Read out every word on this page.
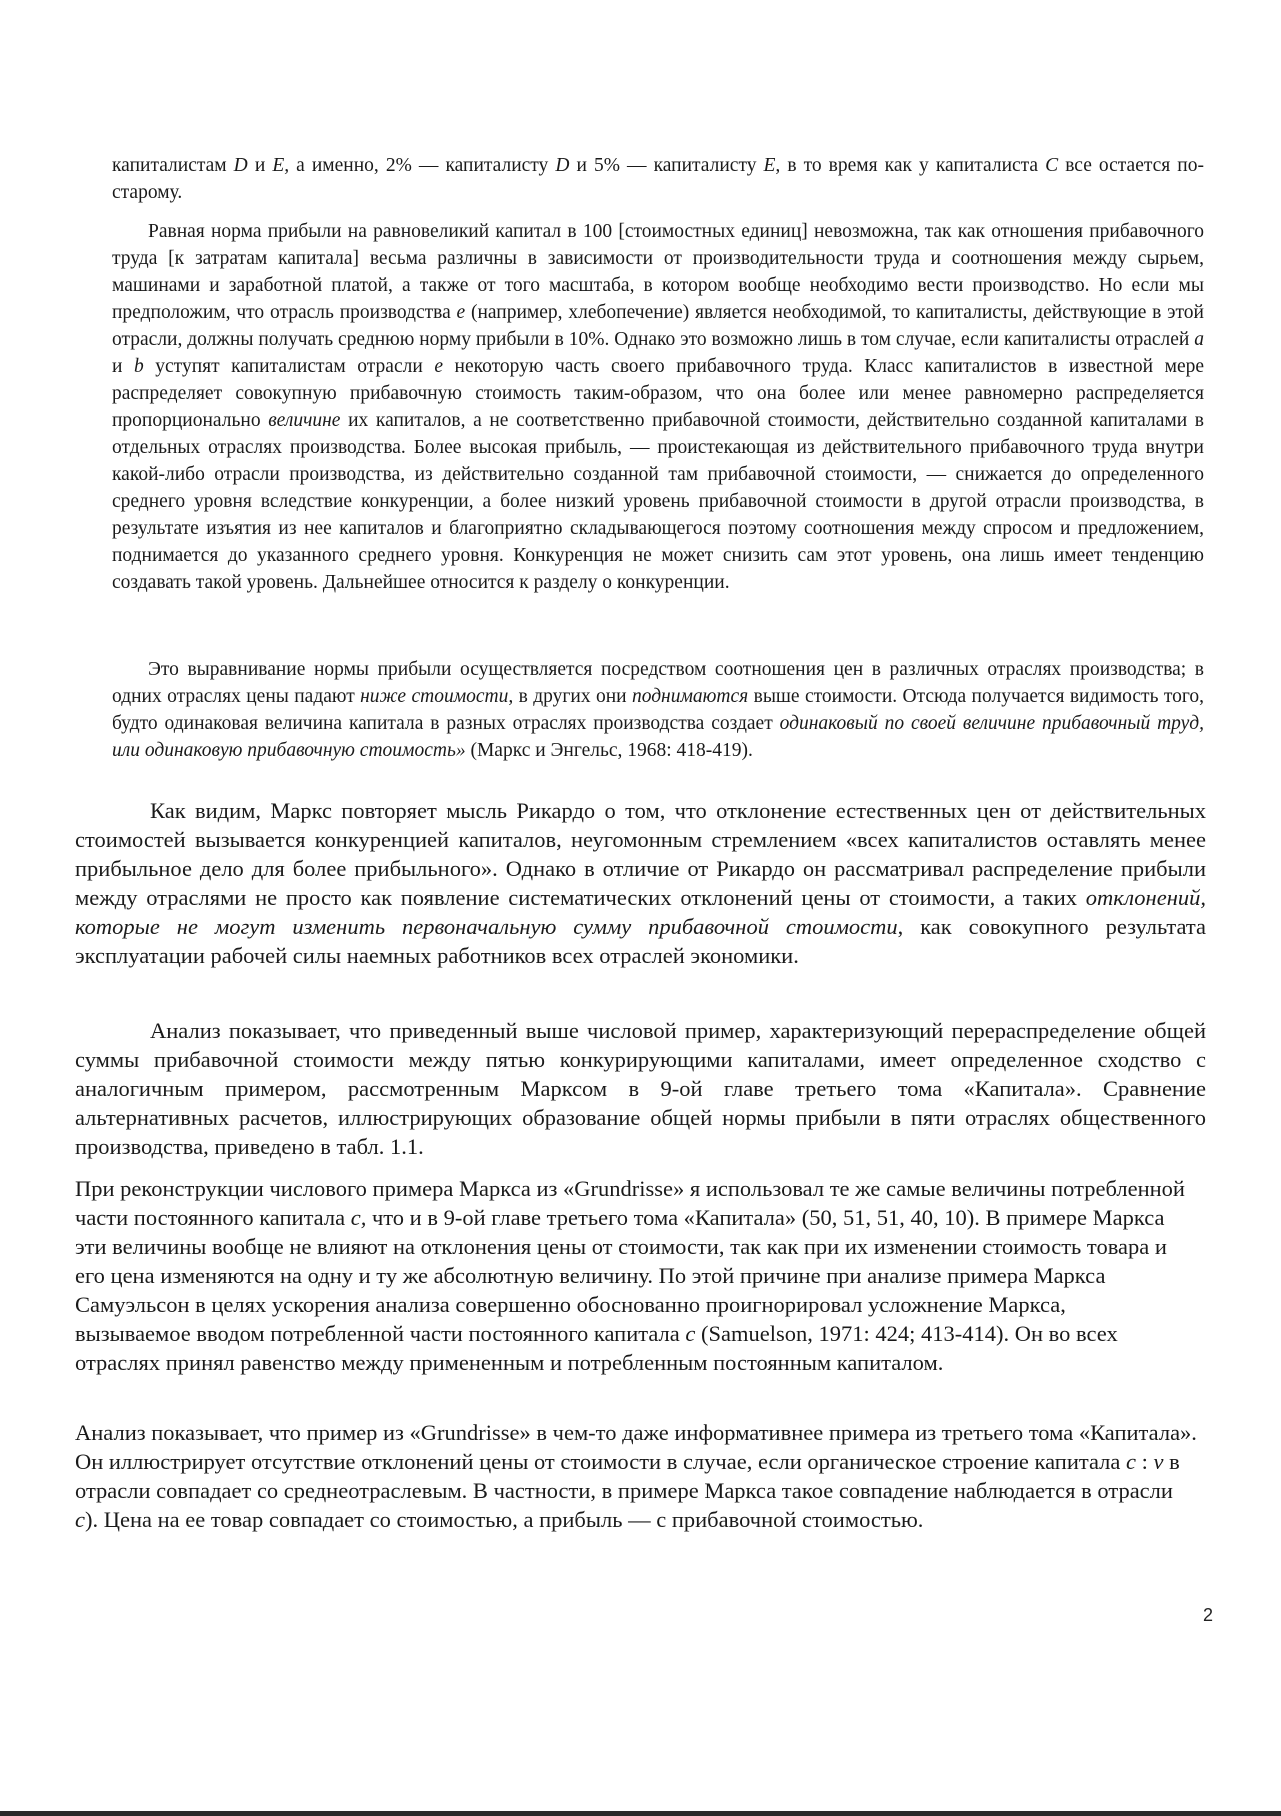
капиталистам D и E, а именно, 2% — капиталисту D и 5% — капиталисту E, в то время как у капиталиста C все остается по-старому.

Равная норма прибыли на равновеликий капитал в 100 [стоимостных единиц] невозможна, так как отношения прибавочного труда [к затратам капитала] весьма различны в зависимости от производительности труда и соотношения между сырьем, машинами и заработной платой, а также от того масштаба, в котором вообще необходимо вести производство. Но если мы предположим, что отрасль производства е (например, хлебопечение) является необходимой, то капиталисты, действующие в этой отрасли, должны получать среднюю норму прибыли в 10%. Однако это возможно лишь в том случае, если капиталисты отраслей a и b уступят капиталистам отрасли е некоторую часть своего прибавочного труда. Класс капиталистов в известной мере распределяет совокупную прибавочную стоимость таким-образом, что она более или менее равномерно распределяется пропорционально величине их капиталов, а не соответственно прибавочной стоимости, действительно созданной капиталами в отдельных отраслях производства. Более высокая прибыль, — проистекающая из действительного прибавочного труда внутри какой-либо отрасли производства, из действительно созданной там прибавочной стоимости, — снижается до определенного среднего уровня вследствие конкуренции, а более низкий уровень прибавочной стоимости в другой отрасли производства, в результате изъятия из нее капиталов и благоприятно складывающегося поэтому соотношения между спросом и предложением, поднимается до указанного среднего уровня. Конкуренция не может снизить сам этот уровень, она лишь имеет тенденцию создавать такой уровень. Дальнейшее относится к разделу о конкуренции.

Это выравнивание нормы прибыли осуществляется посредством соотношения цен в различных отраслях производства; в одних отраслях цены падают ниже стоимости, в других они поднимаются выше стоимости. Отсюда получается видимость того, будто одинаковая величина капитала в разных отраслях производства создает одинаковый по своей величине прибавочный труд, или одинаковую прибавочную стоимость» (Маркс и Энгельс, 1968: 418-419).

Как видим, Маркс повторяет мысль Рикардо о том, что отклонение естественных цен от действительных стоимостей вызывается конкуренцией капиталов, неугомонным стремлением «всех капиталистов оставлять менее прибыльное дело для более прибыльного». Однако в отличие от Рикардо он рассматривал распределение прибыли между отраслями не просто как появление систематических отклонений цены от стоимости, а таких отклонений, которые не могут изменить первоначальную сумму прибавочной стоимости, как совокупного результата эксплуатации рабочей силы наемных работников всех отраслей экономики.

Анализ показывает, что приведенный выше числовой пример, характеризующий перераспределение общей суммы прибавочной стоимости между пятью конкурирующими капиталами, имеет определенное сходство с аналогичным примером, рассмотренным Марксом в 9-ой главе третьего тома «Капитала». Сравнение альтернативных расчетов, иллюстрирующих образование общей нормы прибыли в пяти отраслях общественного производства, приведено в табл. 1.1.

При реконструкции числового примера Маркса из «Grundrisse» я использовал те же самые величины потребленной части постоянного капитала с, что и в 9-ой главе третьего тома «Капитала» (50, 51, 51, 40, 10). В примере Маркса эти величины вообще не влияют на отклонения цены от стоимости, так как при их изменении стоимость товара и его цена изменяются на одну и ту же абсолютную величину. По этой причине при анализе примера Маркса Самуэльсон в целях ускорения анализа совершенно обоснованно проигнорировал усложнение Маркса, вызываемое вводом потребленной части постоянного капитала с (Samuelson, 1971: 424; 413-414). Он во всех отраслях принял равенство между примененным и потребленным постоянным капиталом.

Анализ показывает, что пример из «Grundrisse» в чем-то даже информативнее примера из третьего тома «Капитала». Он иллюстрирует отсутствие отклонений цены от стоимости в случае, если органическое строение капитала с : v в отрасли совпадает со среднеотраслевым. В частности, в примере Маркса такое совпадение наблюдается в отрасли с). Цена на ее товар совпадает со стоимостью, а прибыль — с прибавочной стоимостью.

2
